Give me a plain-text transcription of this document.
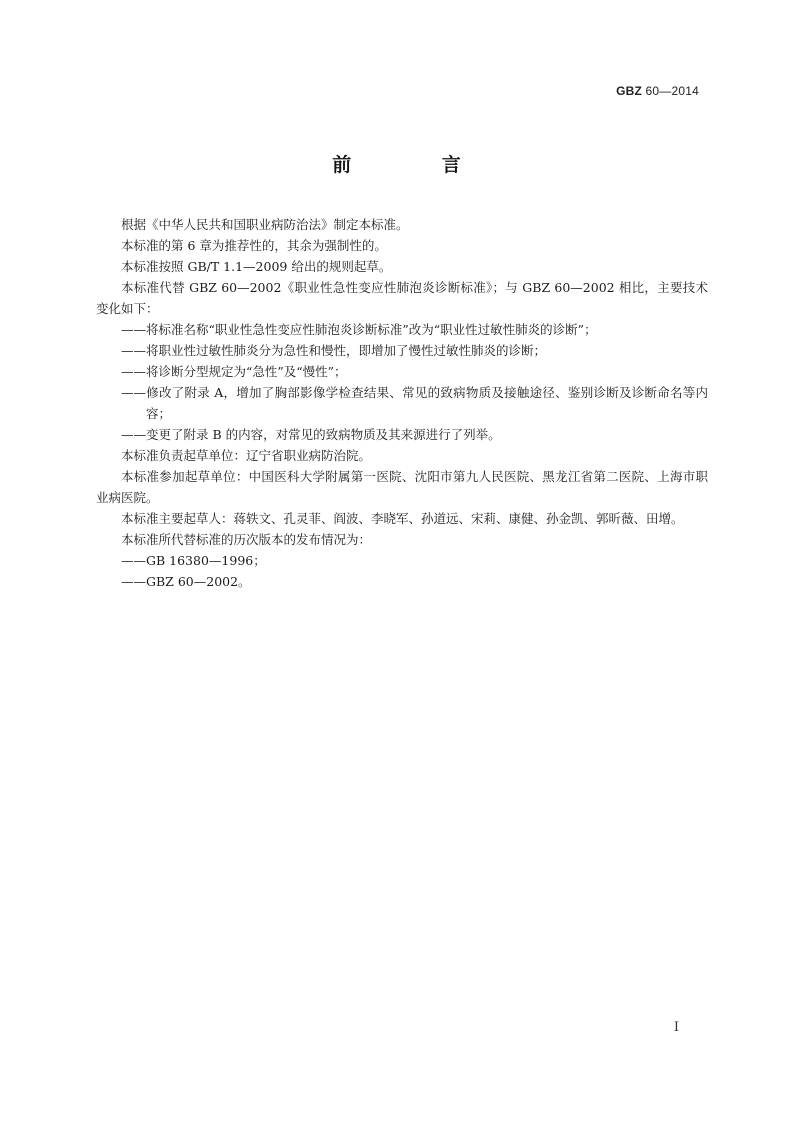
GBZ 60—2014
前 言

根据《中华人民共和国职业病防治法》制定本标准。

本标准的第 6 章为推荐性的，其余为强制性的。

本标准按照 GB/T 1.1—2009 给出的规则起草。

本标准代替 GBZ 60—2002《职业性急性变应性肺泡炎诊断标准》；与 GBZ 60—2002 相比，主要技术变化如下：

——将标准名称“职业性急性变应性肺泡炎诊断标准”改为“职业性过敏性肺炎的诊断”；

——将职业性过敏性肺炎分为急性和慢性，即增加了慢性过敏性肺炎的诊断；

——将诊断分型规定为“急性”及“慢性”；

——修改了附录 A，增加了胸部影像学检查结果、常见的致病物质及接触途径、鉴别诊断及诊断命名等内容；

——变更了附录 B 的内容，对常见的致病物质及其来源进行了列举。

本标准负责起草单位：辽宁省职业病防治院。

本标准参加起草单位：中国医科大学附属第一医院、沈阳市第九人民医院、黑龙江省第二医院、上海市职业病医院。

本标准主要起草人：蒋轶文、孔灵菲、阎波、李晓军、孙道远、宋莉、康健、孙金凯、郭昕薇、田增。

本标准所代替标准的历次版本的发布情况为：

——GB 16380—1996；

——GBZ 60—2002。

I
